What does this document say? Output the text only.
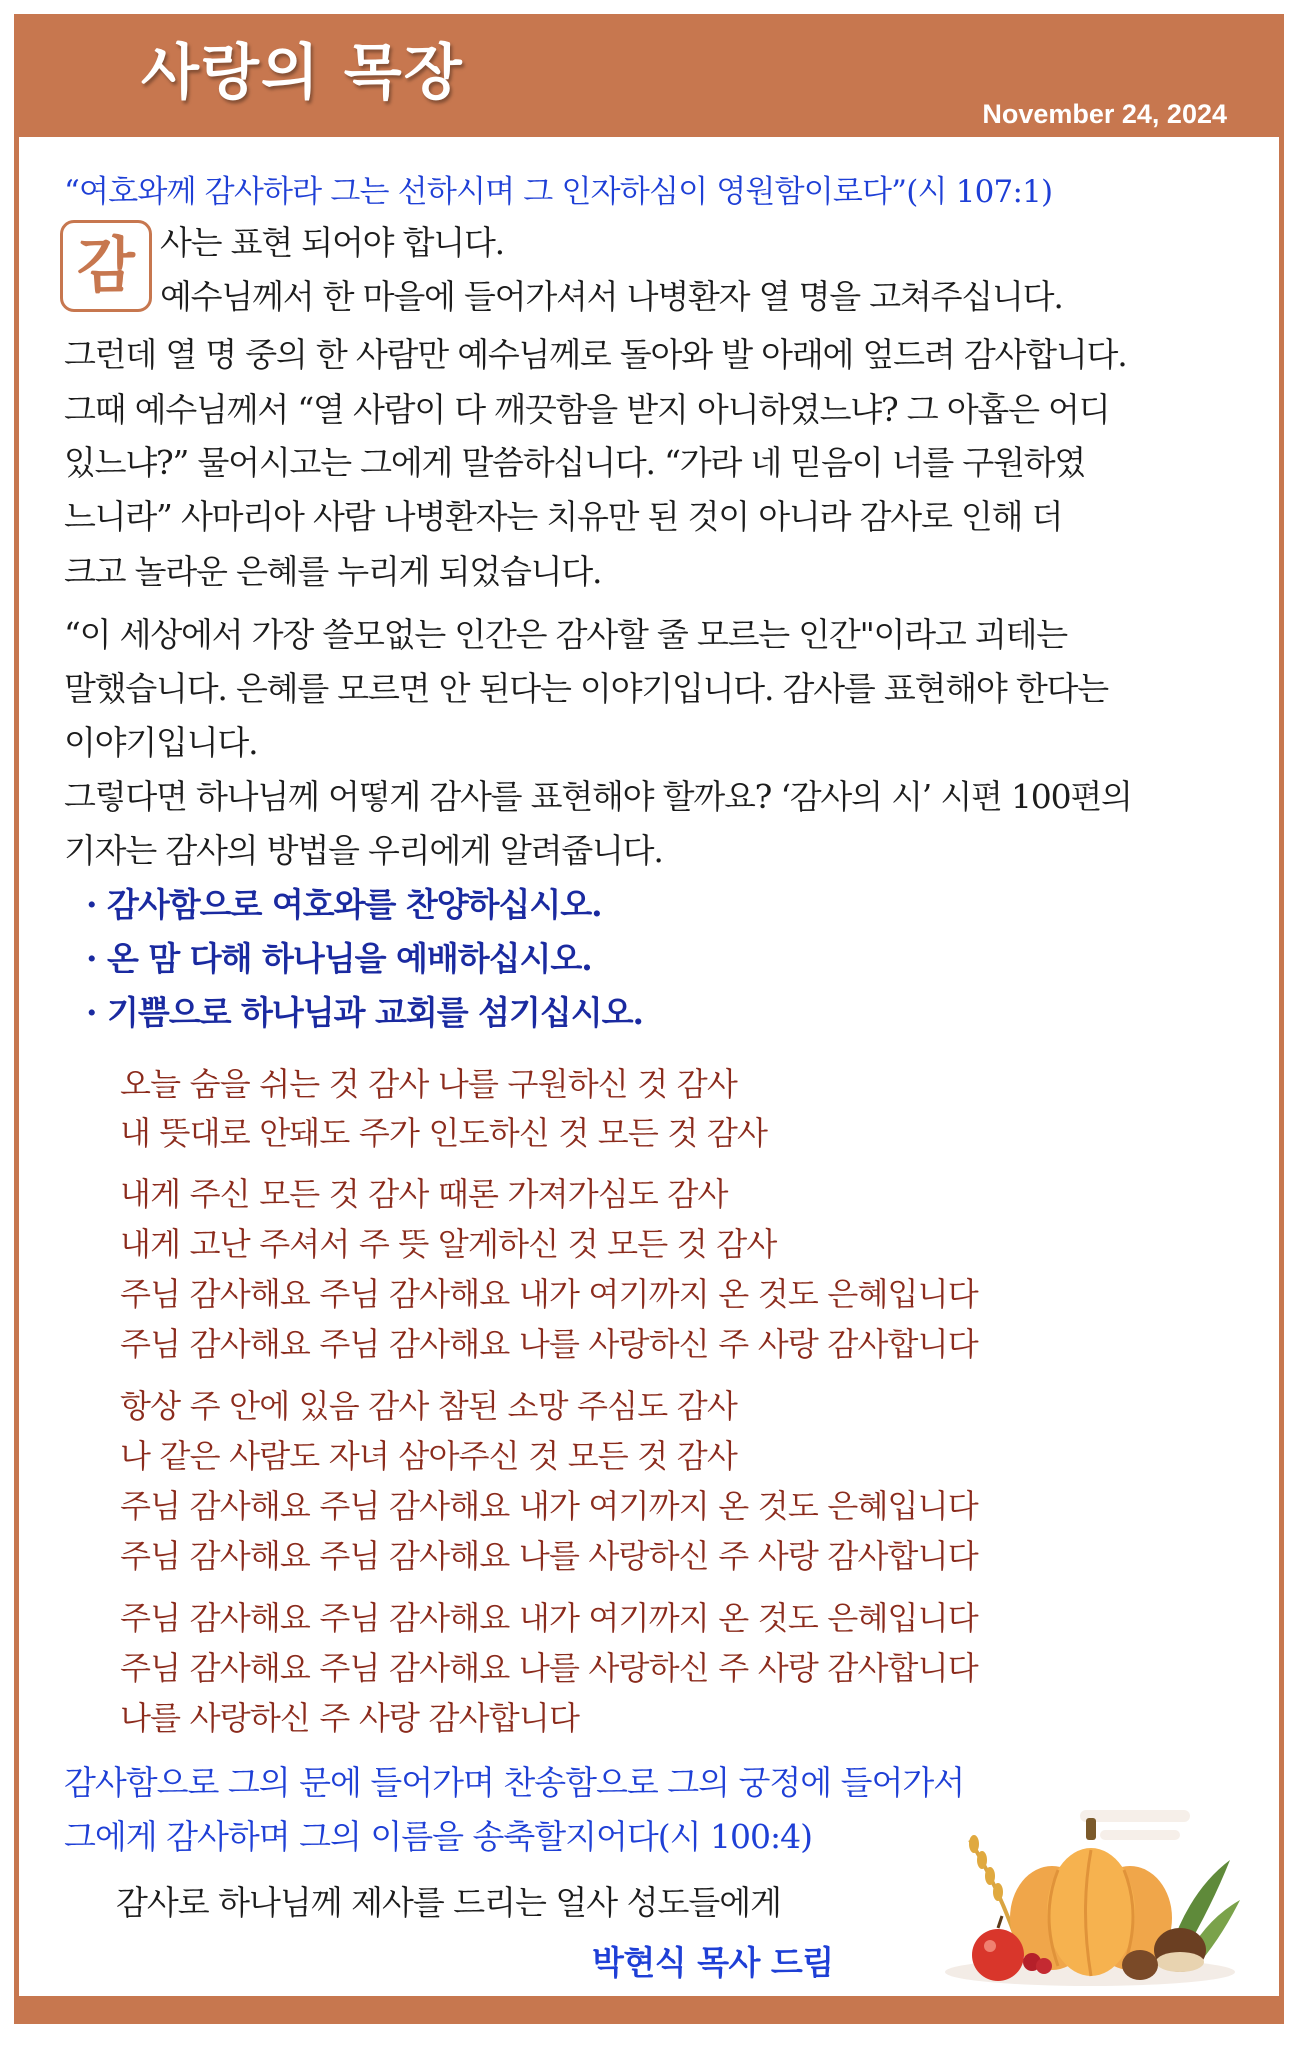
사랑의 목장
November 24, 2024
“여호와께 감사하라 그는 선하시며 그 인자하심이 영원함이로다”(시 107:1)
감 사는 표현 되어야 합니다.
예수님께서 한 마을에 들어가셔서 나병환자 열 명을 고쳐주십니다.
그런데 열 명 중의 한 사람만 예수님께로 돌아와 발 아래에 엎드려 감사합니다.
그때 예수님께서 “열 사람이 다 깨끗함을 받지 아니하였느냐? 그 아홉은 어디
있느냐?” 물어시고는 그에게 말씀하십니다. “가라 네 믿음이 너를 구원하였
느니라” 사마리아 사람 나병환자는 치유만 된 것이 아니라 감사로 인해 더
크고 놀라운 은혜를 누리게 되었습니다.
“이 세상에서 가장 쓸모없는 인간은 감사할 줄 모르는 인간"이라고 괴테는
말했습니다. 은혜를 모르면 안 된다는 이야기입니다. 감사를 표현해야 한다는
이야기입니다.
그렇다면 하나님께 어떻게 감사를 표현해야 할까요? ‘감사의 시’ 시편 100편의
기자는 감사의 방법을 우리에게 알려줍니다.
· 감사함으로 여호와를 찬양하십시오.
· 온 맘 다해 하나님을 예배하십시오.
· 기쁨으로 하나님과 교회를 섬기십시오.
오늘 숨을 쉬는 것 감사 나를 구원하신 것 감사
내 뜻대로 안돼도 주가 인도하신 것 모든 것 감사
내게 주신 모든 것 감사 때론 가져가심도 감사
내게 고난 주셔서 주 뜻 알게하신 것 모든 것 감사
주님 감사해요 주님 감사해요 내가 여기까지 온 것도 은혜입니다
주님 감사해요 주님 감사해요 나를 사랑하신 주 사랑 감사합니다
항상 주 안에 있음 감사 참된 소망 주심도 감사
나 같은 사람도 자녀 삼아주신 것 모든 것 감사
주님 감사해요 주님 감사해요 내가 여기까지 온 것도 은혜입니다
주님 감사해요 주님 감사해요 나를 사랑하신 주 사랑 감사합니다
주님 감사해요 주님 감사해요 내가 여기까지 온 것도 은혜입니다
주님 감사해요 주님 감사해요 나를 사랑하신 주 사랑 감사합니다
나를 사랑하신 주 사랑 감사합니다
감사함으로 그의 문에 들어가며 찬송함으로 그의 궁정에 들어가서
그에게 감사하며 그의 이름을 송축할지어다(시 100:4)
감사로 하나님께 제사를 드리는 얼사 성도들에게
박현식 목사 드림
